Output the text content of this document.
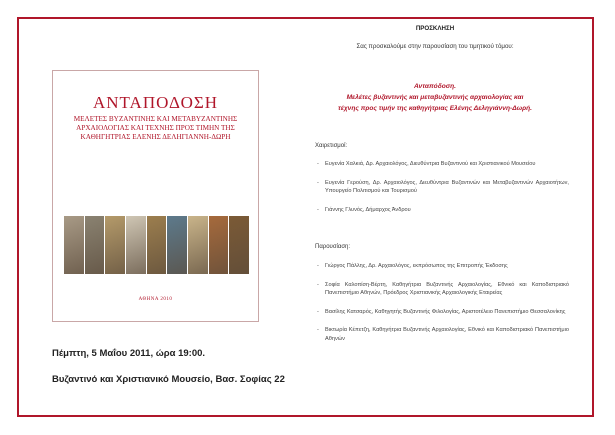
ΑΝΤΑΠΟΔΟΣΗ
ΜΕΛΕΤΕΣ ΒΥΖΑΝΤΙΝΗΣ ΚΑΙ ΜΕΤΑΒΥΖΑΝΤΙΝΗΣ ΑΡΧΑΙΟΛΟΓΙΑΣ ΚΑΙ ΤΕΧΝΗΣ ΠΡΟΣ ΤΙΜΗΝ ΤΗΣ ΚΑΘΗΓΗΤΡΙΑΣ ΕΛΕΝΗΣ ΔΕΛΗΓΙΑΝΝΗ-ΔΩΡΗ
ΑΘΗΝΑ 2010
Πέμπτη, 5 Μαΐου 2011, ώρα 19:00.
Βυζαντινό και Χριστιανικό Μουσείο, Βασ. Σοφίας 22
ΠΡΟΣΚΛΗΣΗ
Σας προσκαλούμε στην παρουσίαση του τιμητικού τόμου:
Ανταπόδοση.
Μελέτες βυζαντινής και μεταβυζαντινής αρχαιολογίας και
τέχνης προς τιμήν της καθηγήτριας Ελένης Δεληγιάννη-Δωρή.
Χαιρετισμοί:
- Ευγενία Χαλκιά, Δρ. Αρχαιολόγος, Διευθύντρια Βυζαντινού και Χριστιανικού Μουσείου
- Ευγενία Γερούση, Δρ. Αρχαιολόγος, Διευθύντρια Βυζαντινών και Μεταβυζαντινών Αρχαιοτήτων, Υπουργείο Πολιτισμού και Τουρισμού
- Γιάννης Γλυνός, Δήμαρχος Άνδρου
Παρουσίαση:
- Γιώργος Πάλλης, Δρ. Αρχαιολόγος, εκπρόσωπος της Επιτροπής Έκδοσης
- Σοφία Καλοπίση-Βέρτη, Καθηγήτρια Βυζαντινής Αρχαιολογίας, Εθνικό και Καποδιστριακό Πανεπιστήμιο Αθηνών, Πρόεδρος Χριστιανικής Αρχαιολογικής Εταιρείας
- Βασίλης Κατσαρός, Καθηγητής Βυζαντινής Φιλολογίας, Αριστοτέλειο Πανεπιστήμιο Θεσσαλονίκης
- Βικτωρία Κέπετζη, Καθηγήτρια Βυζαντινής Αρχαιολογίας, Εθνικό και Καποδιστριακό Πανεπιστήμιο Αθηνών
